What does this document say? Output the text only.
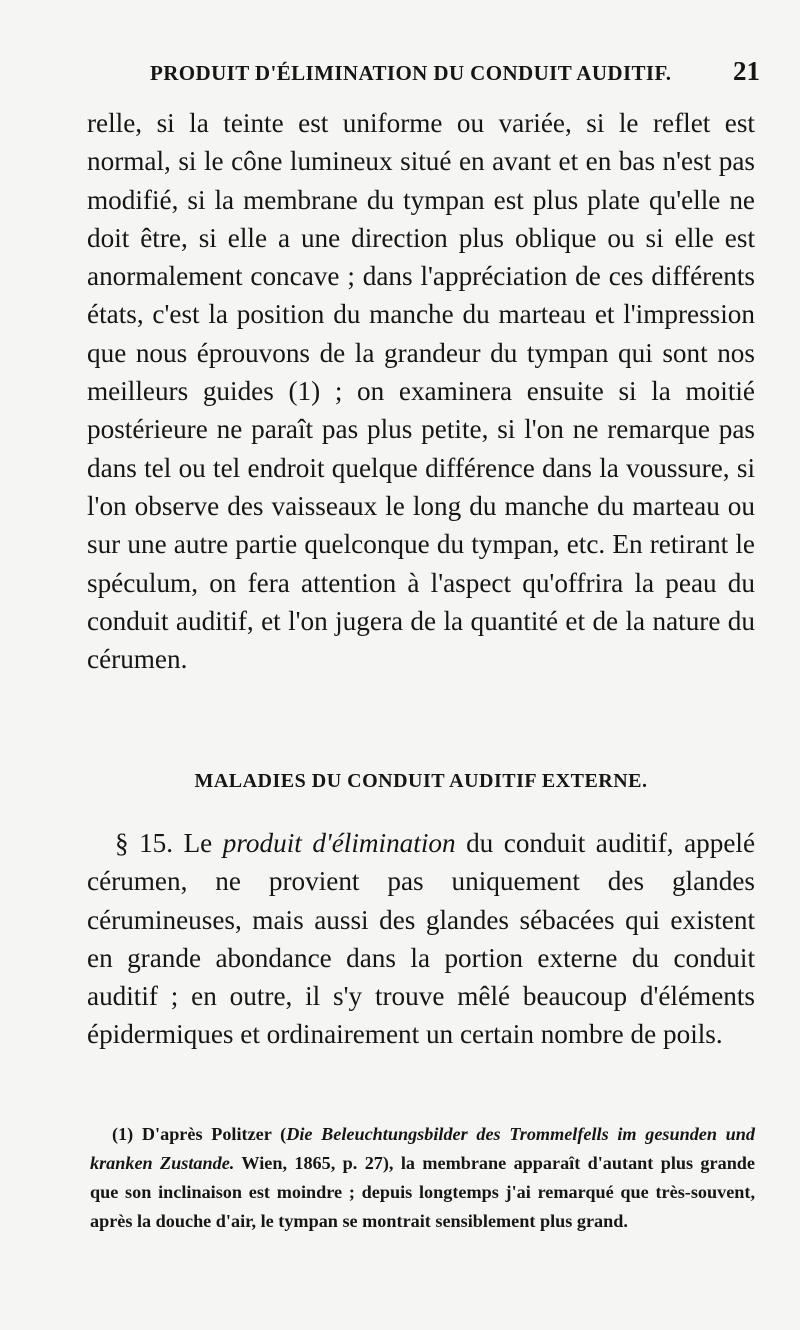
PRODUIT D'ÉLIMINATION DU CONDUIT AUDITIF. 21

relle, si la teinte est uniforme ou variée, si le reflet est normal, si le cône lumineux situé en avant et en bas n'est pas modifié, si la membrane du tympan est plus plate qu'elle ne doit être, si elle a une direction plus oblique ou si elle est anormalement concave ; dans l'appréciation de ces différents états, c'est la position du manche du marteau et l'impression que nous éprouvons de la grandeur du tympan qui sont nos meilleurs guides (1) ; on examinera ensuite si la moitié postérieure ne paraît pas plus petite, si l'on ne remarque pas dans tel ou tel endroit quelque différence dans la voussure, si l'on observe des vaisseaux le long du manche du marteau ou sur une autre partie quelconque du tympan, etc. En retirant le spéculum, on fera attention à l'aspect qu'offrira la peau du conduit auditif, et l'on jugera de la quantité et de la nature du cérumen.

MALADIES DU CONDUIT AUDITIF EXTERNE.

§ 15. Le produit d'élimination du conduit auditif, appelé cérumen, ne provient pas uniquement des glandes cérumineuses, mais aussi des glandes sébacées qui existent en grande abondance dans la portion externe du conduit auditif ; en outre, il s'y trouve mêlé beaucoup d'éléments épidermiques et ordinairement un certain nombre de poils.

(1) D'après Politzer (Die Beleuchtungsbilder des Trommelfells im gesunden und kranken Zustande. Wien, 1865, p. 27), la membrane apparaît d'autant plus grande que son inclinaison est moindre ; depuis longtemps j'ai remarqué que très-souvent, après la douche d'air, le tympan se montrait sensiblement plus grand.
